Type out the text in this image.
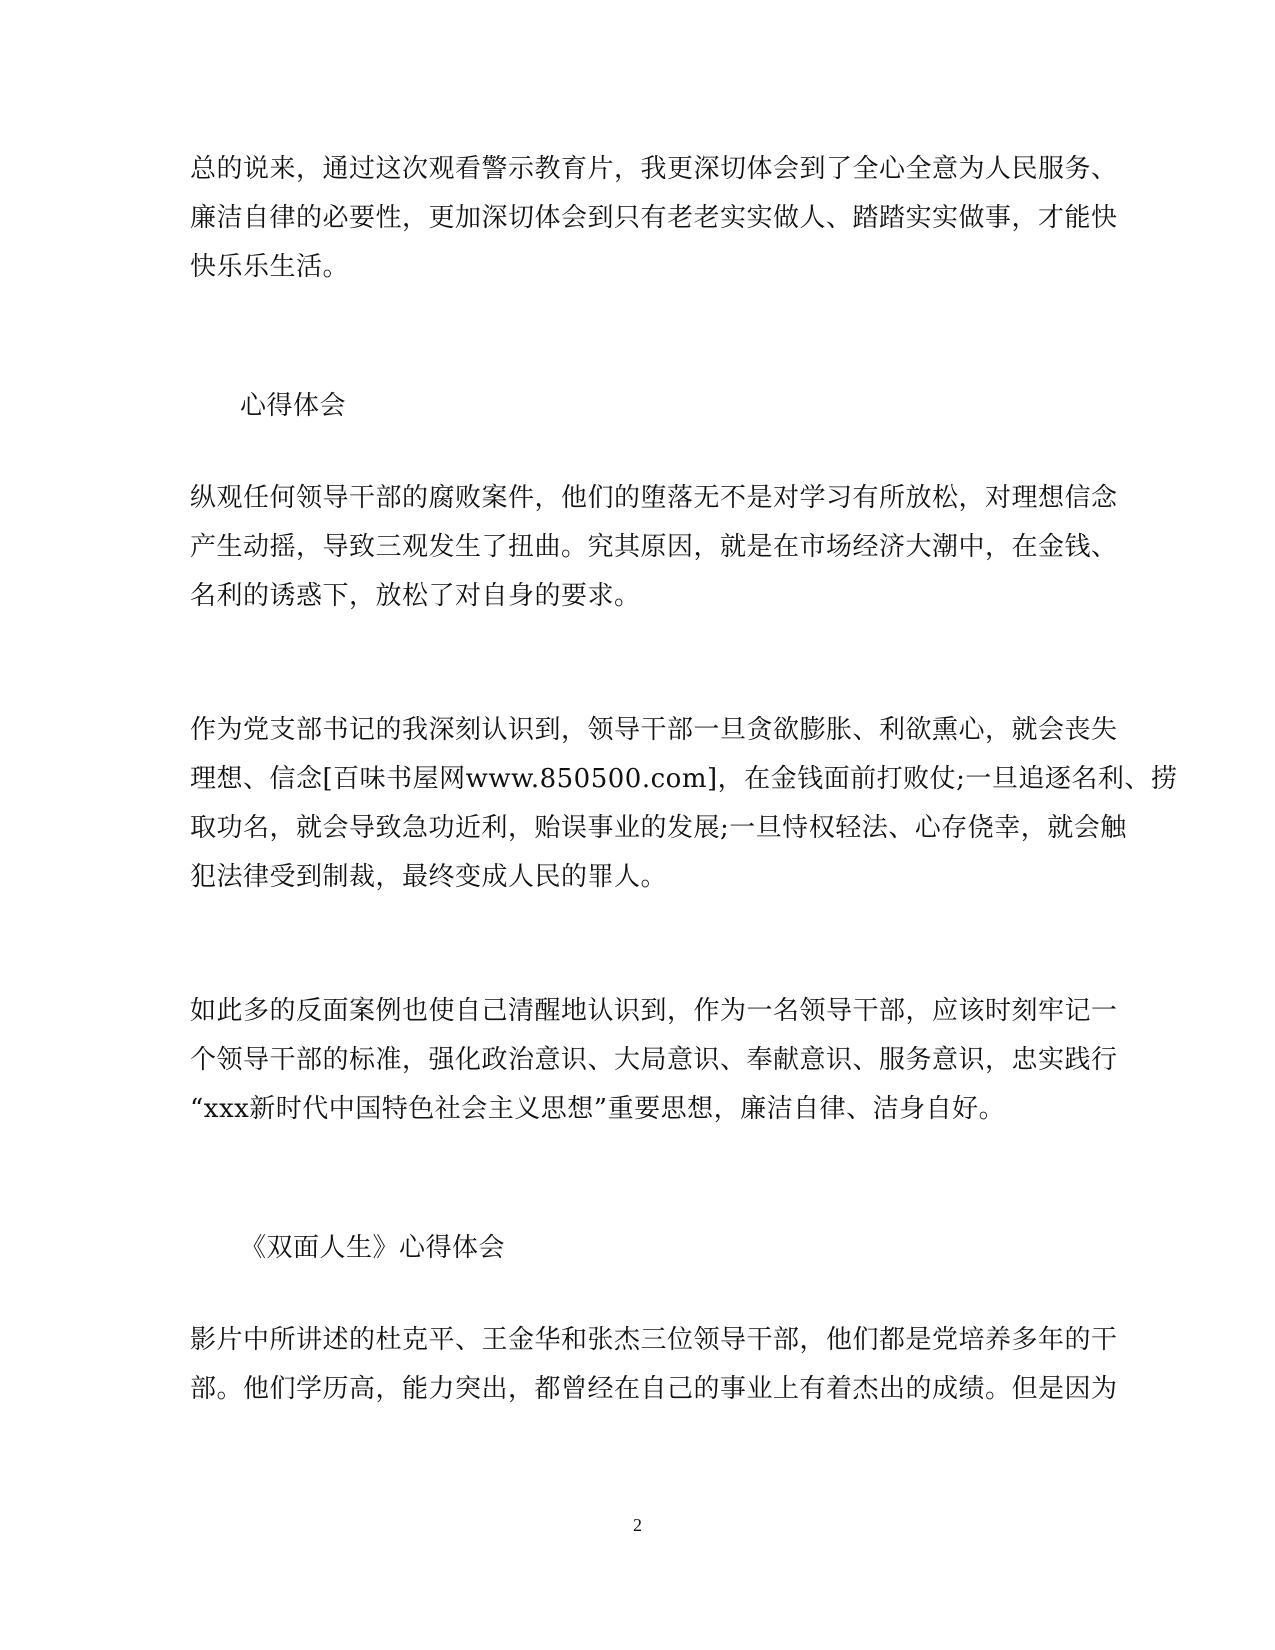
总的说来，通过这次观看警示教育片，我更深切体会到了全心全意为人民服务、
廉洁自律的必要性，更加深切体会到只有老老实实做人、踏踏实实做事，才能快
快乐乐生活。
心得体会
纵观任何领导干部的腐败案件，他们的堕落无不是对学习有所放松，对理想信念
产生动摇，导致三观发生了扭曲。究其原因，就是在市场经济大潮中，在金钱、
名利的诱惑下，放松了对自身的要求。
作为党支部书记的我深刻认识到，领导干部一旦贪欲膨胀、利欲熏心，就会丧失
理想、信念[百味书屋网www.850500.com]，在金钱面前打败仗;一旦追逐名利、捞
取功名，就会导致急功近利，贻误事业的发展;一旦恃权轻法、心存侥幸，就会触
犯法律受到制裁，最终变成人民的罪人。
如此多的反面案例也使自己清醒地认识到，作为一名领导干部，应该时刻牢记一
个领导干部的标准，强化政治意识、大局意识、奉献意识、服务意识，忠实践行
“xxx新时代中国特色社会主义思想”重要思想，廉洁自律、洁身自好。
《双面人生》心得体会
影片中所讲述的杜克平、王金华和张杰三位领导干部，他们都是党培养多年的干
部。他们学历高，能力突出，都曾经在自己的事业上有着杰出的成绩。但是因为
2
